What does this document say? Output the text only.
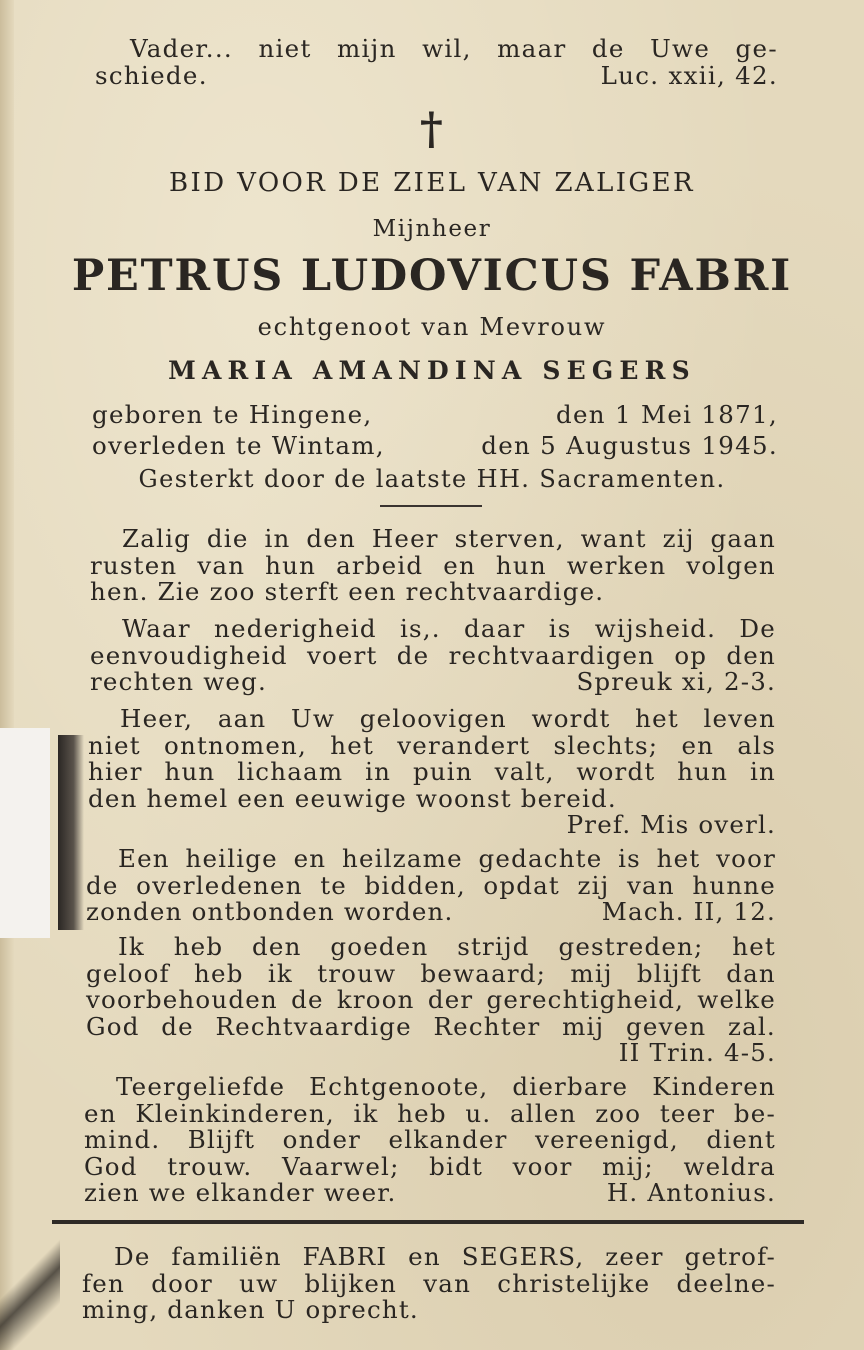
Vader... niet mijn wil, maar de Uwe ge-
schiede.	Luc. xxii, 42.
†
BID VOOR DE ZIEL VAN ZALIGER
Mijnheer
PETRUS LUDOVICUS FABRI
echtgenoot van Mevrouw
MARIA AMANDINA SEGERS
geboren te Hingene,	den 1 Mei 1871,
overleden te Wintam,	den 5 Augustus 1945.
Gesterkt door de laatste HH. Sacramenten.
Zalig die in den Heer sterven, want zij gaan
rusten van hun arbeid en hun werken volgen
hen. Zie zoo sterft een rechtvaardige.
Waar nederigheid is,. daar is wijsheid. De
eenvoudigheid voert de rechtvaardigen op den
rechten weg.	Spreuk xi, 2-3.
Heer, aan Uw geloovigen wordt het leven
niet ontnomen, het verandert slechts; en als
hier hun lichaam in puin valt, wordt hun in
den hemel een eeuwige woonst bereid.
Pref. Mis overl.
Een heilige en heilzame gedachte is het voor
de overledenen te bidden, opdat zij van hunne
zonden ontbonden worden.	Mach. II, 12.
Ik heb den goeden strijd gestreden; het
geloof heb ik trouw bewaard; mij blijft dan
voorbehouden de kroon der gerechtigheid, welke
God de Rechtvaardige Rechter mij geven zal.
II Trin. 4-5.
Teergeliefde Echtgenoote, dierbare Kinderen
en Kleinkinderen, ik heb u. allen zoo teer be-
mind. Blijft onder elkander vereenigd, dient
God trouw. Vaarwel; bidt voor mij; weldra
zien we elkander weer.	H. Antonius.
De familiën FABRI en SEGERS, zeer getrof-
fen door uw blijken van christelijke deelne-
ming, danken U oprecht.
